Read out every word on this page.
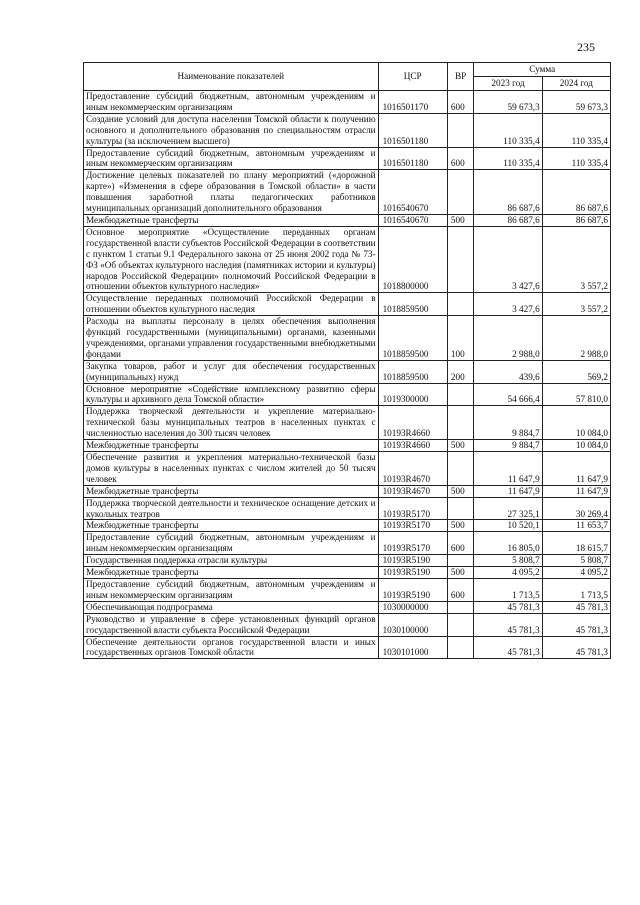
235
Наименование показателей	ЦСР	ВР	Сумма	
			2023 год	2024 год
Предоставление субсидий бюджетным, автономным учреждениям и иным некоммерческим организациям	1016501170	600	59 673,3	59 673,3
Создание условий для доступа населения Томской области к получению основного и дополнительного образования по специальностям отрасли культуры (за исключением высшего)	1016501180		110 335,4	110 335,4
Предоставление субсидий бюджетным, автономным учреждениям и иным некоммерческим организациям	1016501180	600	110 335,4	110 335,4
Достижение целевых показателей по плану мероприятий («дорожной карте») «Изменения в сфере образования в Томской области» в части повышения заработной платы педагогических работников муниципальных организаций дополнительного образования	1016540670		86 687,6	86 687,6
Межбюджетные трансферты	1016540670	500	86 687,6	86 687,6
Основное мероприятие «Осуществление переданных органам государственной власти субъектов Российской Федерации в соответствии с пунктом 1 статьи 9.1 Федерального закона от 25 июня 2002 года № 73-ФЗ «Об объектах культурного наследия (памятниках истории и культуры) народов Российской Федерации» полномочий Российской Федерации в отношении объектов культурного наследия»	1018800000		3 427,6	3 557,2
Осуществление переданных полномочий Российской Федерации в отношении объектов культурного наследия	1018859500		3 427,6	3 557,2
Расходы на выплаты персоналу в целях обеспечения выполнения функций государственными (муниципальными) органами, казенными учреждениями, органами управления государственными внебюджетными фондами	1018859500	100	2 988,0	2 988,0
Закупка товаров, работ и услуг для обеспечения государственных (муниципальных) нужд	1018859500	200	439,6	569,2
Основное мероприятие «Содействие комплексному развитию сферы культуры и архивного дела Томской области»	1019300000		54 666,4	57 810,0
Поддержка творческой деятельности и укрепление материально-технической базы муниципальных театров в населенных пунктах с численностью населения до 300 тысяч человек	10193R4660		9 884,7	10 084,0
Межбюджетные трансферты	10193R4660	500	9 884,7	10 084,0
Обеспечение развития и укрепления материально-технической базы домов культуры в населенных пунктах с числом жителей до 50 тысяч человек	10193R4670		11 647,9	11 647,9
Межбюджетные трансферты	10193R4670	500	11 647,9	11 647,9
Поддержка творческой деятельности и техническое оснащение детских и кукольных театров	10193R5170		27 325,1	30 269,4
Межбюджетные трансферты	10193R5170	500	10 520,1	11 653,7
Предоставление субсидий бюджетным, автономным учреждениям и иным некоммерческим организациям	10193R5170	600	16 805,0	18 615,7
Государственная поддержка отрасли культуры	10193R5190		5 808,7	5 808,7
Межбюджетные трансферты	10193R5190	500	4 095,2	4 095,2
Предоставление субсидий бюджетным, автономным учреждениям и иным некоммерческим организациям	10193R5190	600	1 713,5	1 713,5
Обеспечивающая подпрограмма	1030000000		45 781,3	45 781,3
Руководство и управление в сфере установленных функций органов государственной власти субъекта Российской Федерации	1030100000		45 781,3	45 781,3
Обеспечение деятельности органов государственной власти и иных государственных органов Томской области	1030101000		45 781,3	45 781,3
